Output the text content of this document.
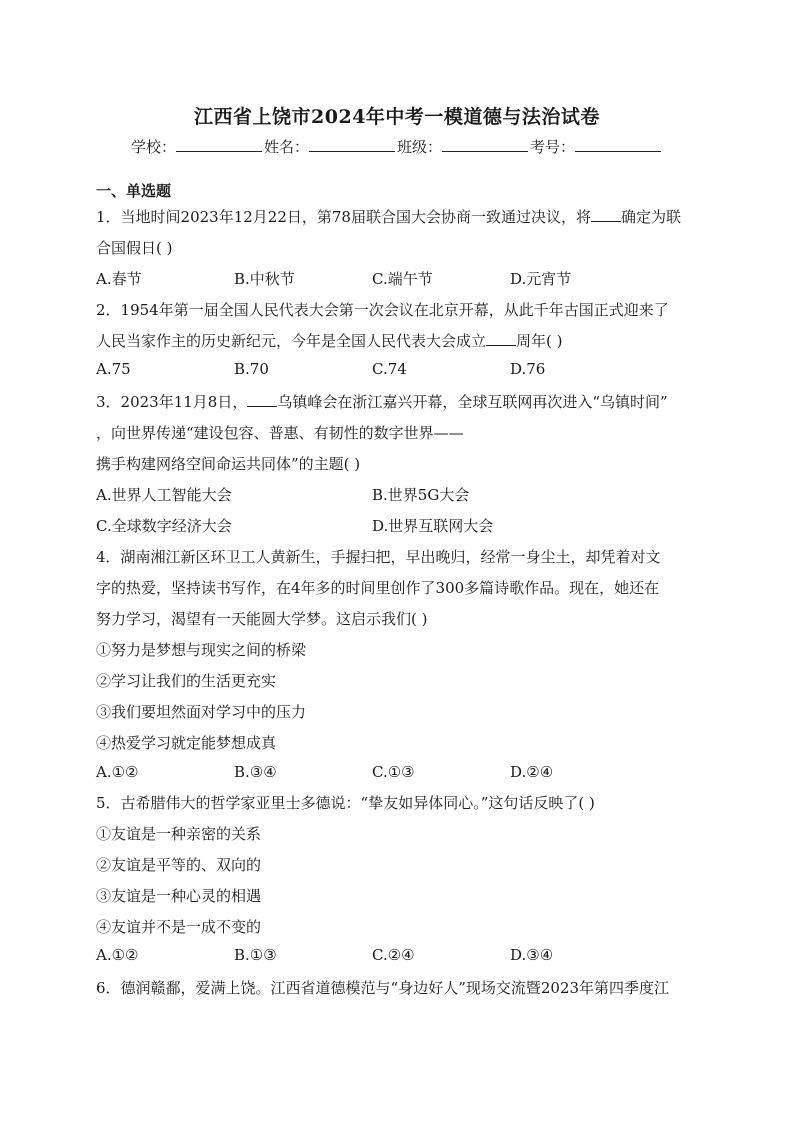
江西省上饶市2024年中考一模道德与法治试卷
学校：	姓名：	班级：	考号：
一、单选题
1．当地时间2023年12月22日，第78届联合国大会协商一致通过决议，将 确定为联
合国假日( )
A.春节	B.中秋节	C.端午节	D.元宵节
2．1954年第一届全国人民代表大会第一次会议在北京开幕，从此千年古国正式迎来了
人民当家作主的历史新纪元，今年是全国人民代表大会成立 周年( )
A.75	B.70	C.74	D.76
3．2023年11月8日， 乌镇峰会在浙江嘉兴开幕，全球互联网再次进入“乌镇时间”
，向世界传递“建设包容、普惠、有韧性的数字世界——
携手构建网络空间命运共同体”的主题( )
A.世界人工智能大会	B.世界5G大会
C.全球数字经济大会	D.世界互联网大会
4．湖南湘江新区环卫工人黄新生，手握扫把，早出晚归，经常一身尘土，却凭着对文
字的热爱，坚持读书写作，在4年多的时间里创作了300多篇诗歌作品。现在，她还在
努力学习，渴望有一天能圆大学梦。这启示我们( )
①努力是梦想与现实之间的桥梁
②学习让我们的生活更充实
③我们要坦然面对学习中的压力
④热爱学习就定能梦想成真
A.①②	B.③④	C.①③	D.②④
5．古希腊伟大的哲学家亚里士多德说：“挚友如异体同心。”这句话反映了( )
①友谊是一种亲密的关系
②友谊是平等的、双向的
③友谊是一种心灵的相遇
④友谊并不是一成不变的
A.①②	B.①③	C.②④	D.③④
6．德润赣鄱，爱满上饶。江西省道德模范与“身边好人”现场交流暨2023年第四季度江
